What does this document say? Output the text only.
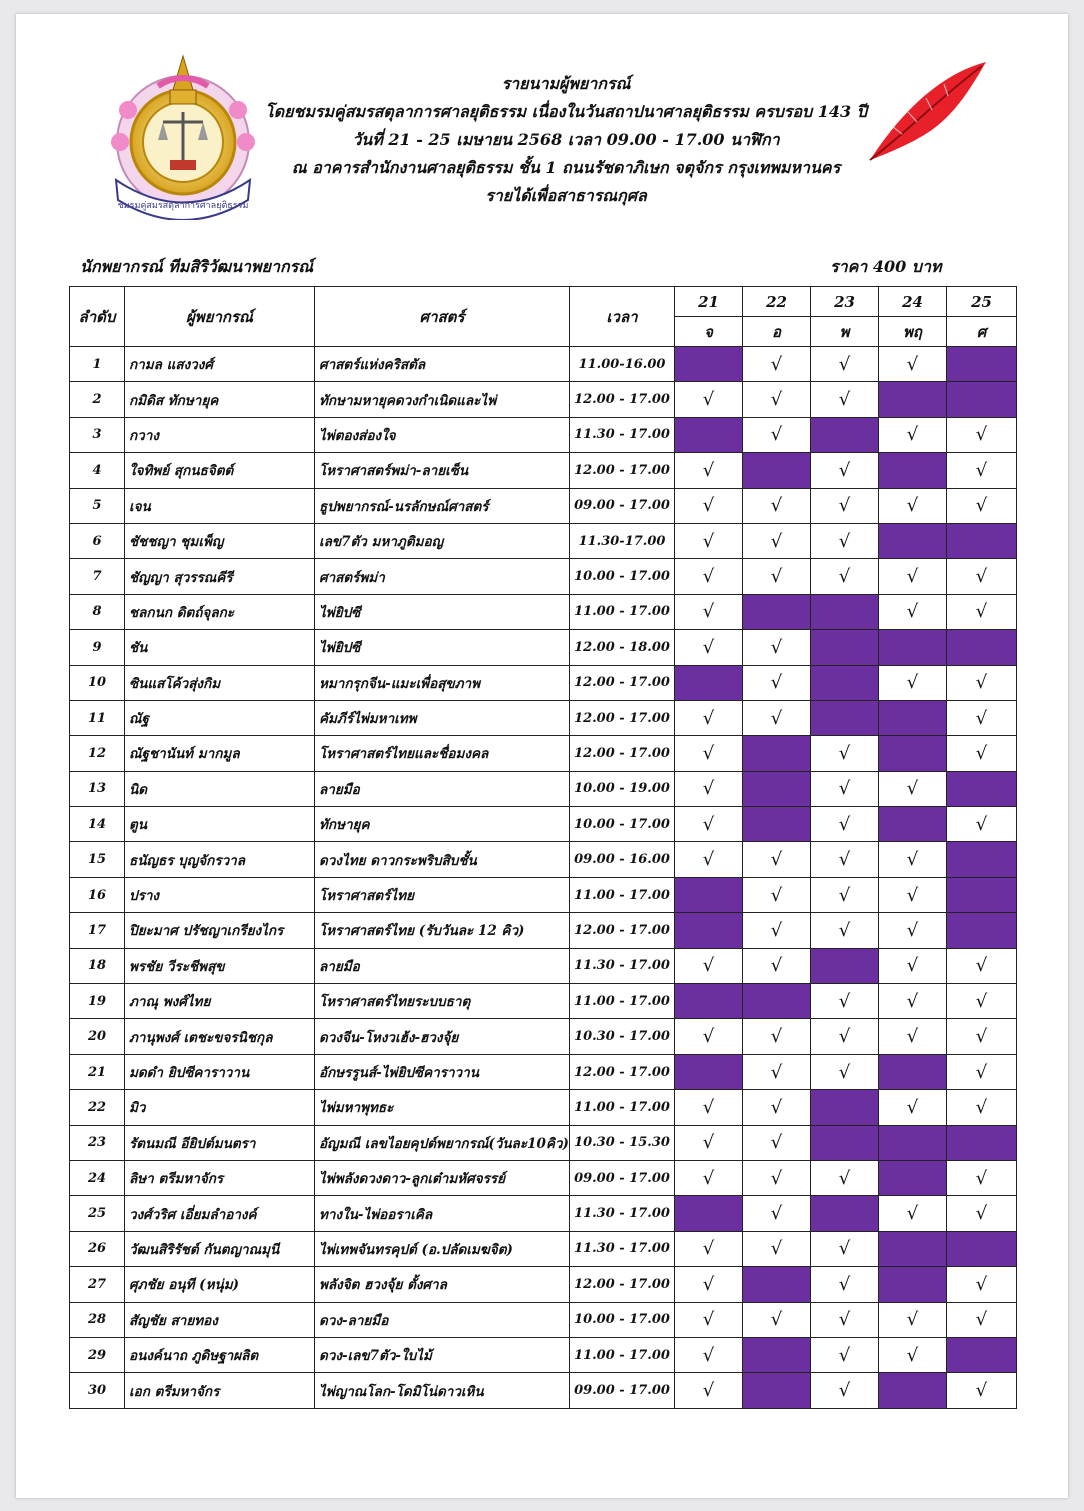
ชมรมคู่สมรสตุลาการศาลยุติธรรม
รายนามผู้พยากรณ์
โดยชมรมคู่สมรสตุลาการศาลยุติธรรม เนื่องในวันสถาปนาศาลยุติธรรม ครบรอบ 143 ปี
วันที่ 21 - 25 เมษายน 2568 เวลา 09.00 - 17.00 นาฬิกา
ณ อาคารสำนักงานศาลยุติธรรม ชั้น 1 ถนนรัชดาภิเษก จตุจักร กรุงเทพมหานคร
รายได้เพื่อสาธารณกุศล
นักพยากรณ์ ทีมสิริวัฒนาพยากรณ์	ราคา 400 บาท
ลำดับ	ผู้พยากรณ์	ศาสตร์	เวลา	21	22	23	24	25
				จ	อ	พ	พฤ	ศ
1	กามล แสงวงศ์	ศาสตร์แห่งคริสตัล	11.00-16.00		√	√	√	
2	กมิดิส ทักษายุค	ทักษามหายุคดวงกำเนิดและไพ่	12.00 - 17.00	√	√	√		
3	กวาง	ไพ่ตองส่องใจ	11.30 - 17.00		√		√	√
4	ใจทิพย์ สุกนธจิตต์	โหราศาสตร์พม่า-ลายเซ็น	12.00 - 17.00	√		√		√
5	เจน	ธูปพยากรณ์-นรลักษณ์ศาสตร์	09.00 - 17.00	√	√	√	√	√
6	ชัชชญา ชุมเพ็ญ	เลข7ตัว มหาภูติมอญ	11.30-17.00	√	√	√		
7	ชัญญา สุวรรณคีรี	ศาสตร์พม่า	10.00 - 17.00	√	√	√	√	√
8	ชลกนก ดิตถ์จุลกะ	ไพ่ยิปซี	11.00 - 17.00	√			√	√
9	ชัน	ไพ่ยิปซี	12.00 - 18.00	√	√			
10	ซินแสโค้วสุ่งกิม	หมากรุกจีน-แมะเพื่อสุขภาพ	12.00 - 17.00		√		√	√
11	ณัฐ	คัมภีร์ไพ่มหาเทพ	12.00 - 17.00	√	√			√
12	ณัฐชานันท์ มากมูล	โหราศาสตร์ไทยและชื่อมงคล	12.00 - 17.00	√		√		√
13	นิด	ลายมือ	10.00 - 19.00	√		√	√	
14	ตูน	ทักษายุค	10.00 - 17.00	√		√		√
15	ธนัญธร บุญจักรวาล	ดวงไทย ดาวกระพริบสิบชั้น	09.00 - 16.00	√	√	√	√	
16	ปราง	โหราศาสตร์ไทย	11.00 - 17.00		√	√	√	
17	ปิยะมาศ ปรัชญาเกรียงไกร	โหราศาสตร์ไทย (รับวันละ 12 คิว)	12.00 - 17.00		√	√	√	
18	พรชัย วีระชีพสุข	ลายมือ	11.30 - 17.00	√	√		√	√
19	ภาณุ พงศ์ไทย	โหราศาสตร์ไทยระบบธาตุ	11.00 - 17.00			√	√	√
20	ภานุพงศ์ เตชะขจรนิชกุล	ดวงจีน-โหงวเฮ้ง-ฮวงจุ้ย	10.30 - 17.00	√	√	√	√	√
21	มดดำ ยิปซีคาราวาน	อักษรรูนส์-ไพ่ยิปซีคาราวาน	12.00 - 17.00		√	√		√
22	มิว	ไพ่มหาพุทธะ	11.00 - 17.00	√	√		√	√
23	รัตนมณี อียิปต์มนตรา	อัญมณี เลขไอยคุปต์พยากรณ์(วันละ10คิว)	10.30 - 15.30	√	√			
24	ลิษา ตรีมหาจักร	ไพ่พลังดวงดาว-ลูกเต๋ามหัศจรรย์	09.00 - 17.00	√	√	√		√
25	วงศ์วริศ เอี่ยมลำอางค์	ทางใน-ไพ่ออราเคิล	11.30 - 17.00		√		√	√
26	วัฒนสิริรัชต์ กันตญาณมุนี	ไพ่เทพจันทรคุปต์ (อ.ปลัดเมฆจิต)	11.30 - 17.00	√	√	√		
27	ศุภชัย อนุที (หนุ่ม)	พลังจิต ฮวงจุ้ย ตั้งศาล	12.00 - 17.00	√		√		√
28	สัญชัย สายทอง	ดวง-ลายมือ	10.00 - 17.00	√	√	√	√	√
29	อนงค์นาถ ภูดิษฐาผลิต	ดวง-เลข7ตัว-ใบไม้	11.00 - 17.00	√		√	√	
30	เอก ตรีมหาจักร	ไพ่ญาณโลก-โดมิโน่ดาวเหิน	09.00 - 17.00	√		√		√
